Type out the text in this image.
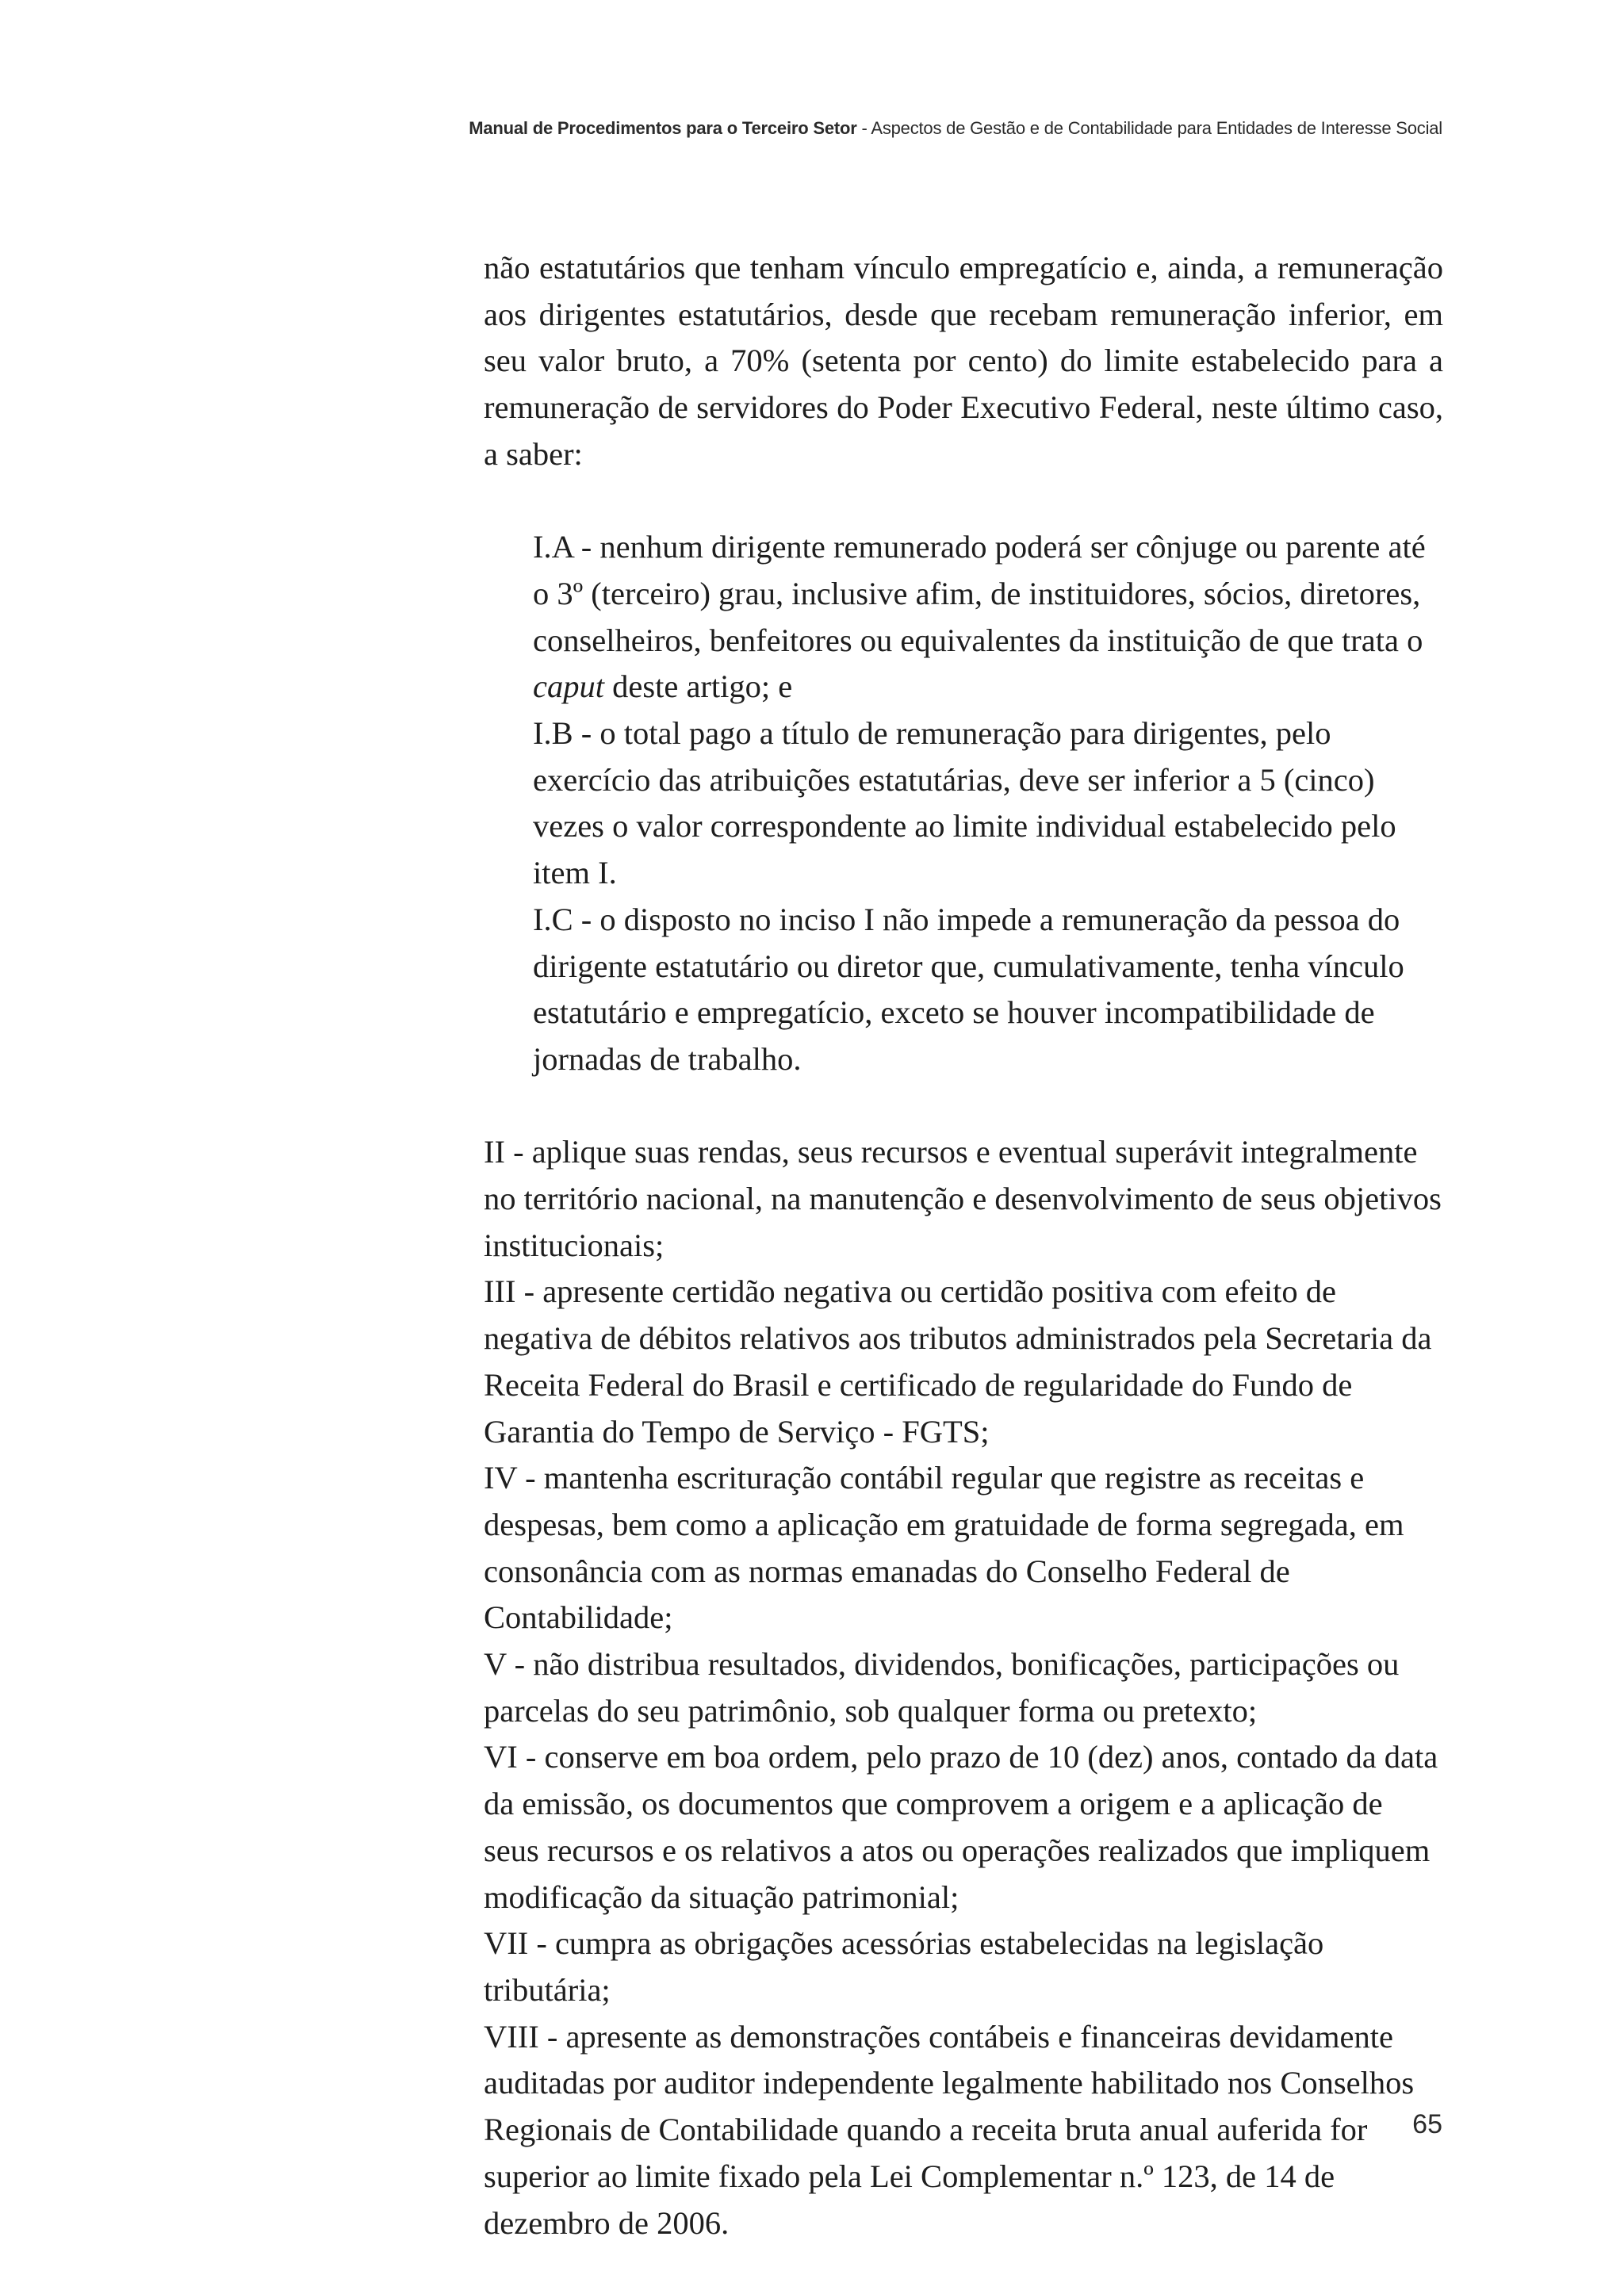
Manual de Procedimentos para o Terceiro Setor - Aspectos de Gestão e de Contabilidade para Entidades de Interesse Social

não estatutários que tenham vínculo empregatício e, ainda, a remuneração aos dirigentes estatutários, desde que recebam remuneração inferior, em seu valor bruto, a 70% (setenta por cento) do limite estabelecido para a remuneração de servidores do Poder Executivo Federal, neste último caso, a saber:

I.A - nenhum dirigente remunerado poderá ser cônjuge ou parente até o 3º (terceiro) grau, inclusive afim, de instituidores, sócios, diretores, conselheiros, benfeitores ou equivalentes da instituição de que trata o caput deste artigo; e
I.B - o total pago a título de remuneração para dirigentes, pelo exercício das atribuições estatutárias, deve ser inferior a 5 (cinco) vezes o valor correspondente ao limite individual estabelecido pelo item I.
I.C - o disposto no inciso I não impede a remuneração da pessoa do dirigente estatutário ou diretor que, cumulativamente, tenha vínculo estatutário e empregatício, exceto se houver incompatibilidade de jornadas de trabalho.
II - aplique suas rendas, seus recursos e eventual superávit integralmente no território nacional, na manutenção e desenvolvimento de seus objetivos institucionais;
III - apresente certidão negativa ou certidão positiva com efeito de negativa de débitos relativos aos tributos administrados pela Secretaria da Receita Federal do Brasil e certificado de regularidade do Fundo de Garantia do Tempo de Serviço - FGTS;
IV - mantenha escrituração contábil regular que registre as receitas e despesas, bem como a aplicação em gratuidade de forma segregada, em consonância com as normas emanadas do Conselho Federal de Contabilidade;
V - não distribua resultados, dividendos, bonificações, participações ou parcelas do seu patrimônio, sob qualquer forma ou pretexto;
VI - conserve em boa ordem, pelo prazo de 10 (dez) anos, contado da data da emissão, os documentos que comprovem a origem e a aplicação de seus recursos e os relativos a atos ou operações realizados que impliquem modificação da situação patrimonial;
VII - cumpra as obrigações acessórias estabelecidas na legislação tributária;
VIII - apresente as demonstrações contábeis e financeiras devidamente auditadas por auditor independente legalmente habilitado nos Conselhos Regionais de Contabilidade quando a receita bruta anual auferida for superior ao limite fixado pela Lei Complementar n.º 123, de 14 de dezembro de 2006.
65
